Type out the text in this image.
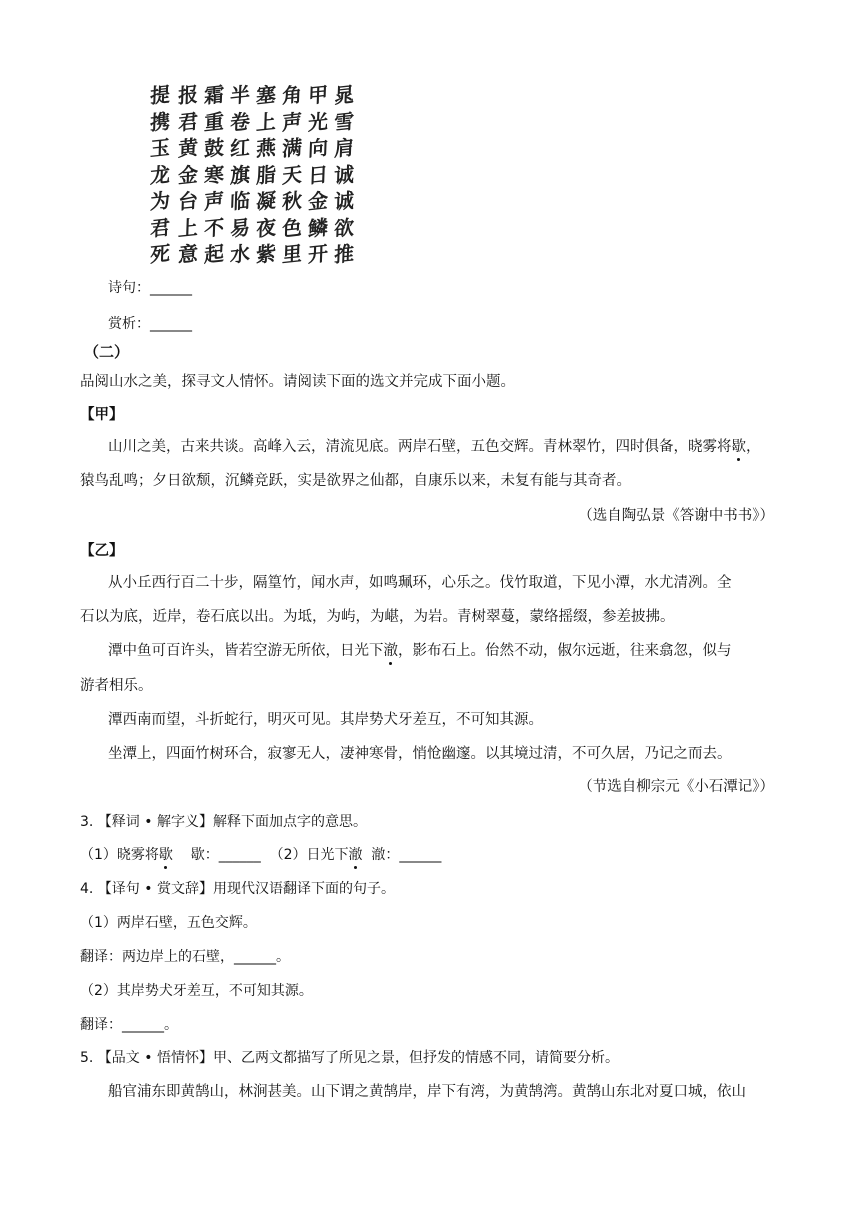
晁
雪
肩
诚
诚
欲
推
甲
光
向
日
金
鳞
开
角
声
满
天
秋
色
里
塞
上
燕
脂
凝
夜
紫
半
卷
红
旗
临
易
水
霜
重
鼓
寒
声
不
起
报
君
黄
金
台
上
意
提
携
玉
龙
为
君
死
诗句：______
赏析：______
（二）
品阅山水之美，探寻文人情怀。请阅读下面的选文并完成下面小题。
【甲】
山川之美，古来共谈。高峰入云，清流见底。两岸石壁，五色交辉。青林翠竹，四时俱备，晓雾将歇，
猿鸟乱鸣；夕日欲颓，沉鳞竞跃，实是欲界之仙都，自康乐以来，未复有能与其奇者。
（选自陶弘景《答谢中书书》）
【乙】
从小丘西行百二十步，隔篁竹，闻水声，如鸣珮环，心乐之。伐竹取道，下见小潭，水尤清冽。全
石以为底，近岸，卷石底以出。为坻，为屿，为嵁，为岩。青树翠蔓，蒙络摇缀，参差披拂。
潭中鱼可百许头，皆若空游无所依，日光下澈，影布石上。佁然不动，俶尔远逝，往来翕忽，似与
游者相乐。
潭西南而望，斗折蛇行，明灭可见。其岸势犬牙差互，不可知其源。
坐潭上，四面竹树环合，寂寥无人，凄神寒骨，悄怆幽邃。以其境过清，不可久居，乃记之而去。
（节选自柳宗元《小石潭记》）
3. 【释词 • 解字义】解释下面加点字的意思。
（1）晓雾将歇    歇：______  （2）日光下澈  澈：______
4. 【译句 • 赏文辞】用现代汉语翻译下面的句子。
（1）两岸石壁，五色交辉。
翻译：两边岸上的石壁，______。
（2）其岸势犬牙差互，不可知其源。
翻译：______。
5. 【品文 • 悟情怀】甲、乙两文都描写了所见之景，但抒发的情感不同，请简要分析。
船官浦东即黄鹄山，林涧甚美。山下谓之黄鹄岸，岸下有湾，为黄鹄湾。黄鹄山东北对夏口城，依山
